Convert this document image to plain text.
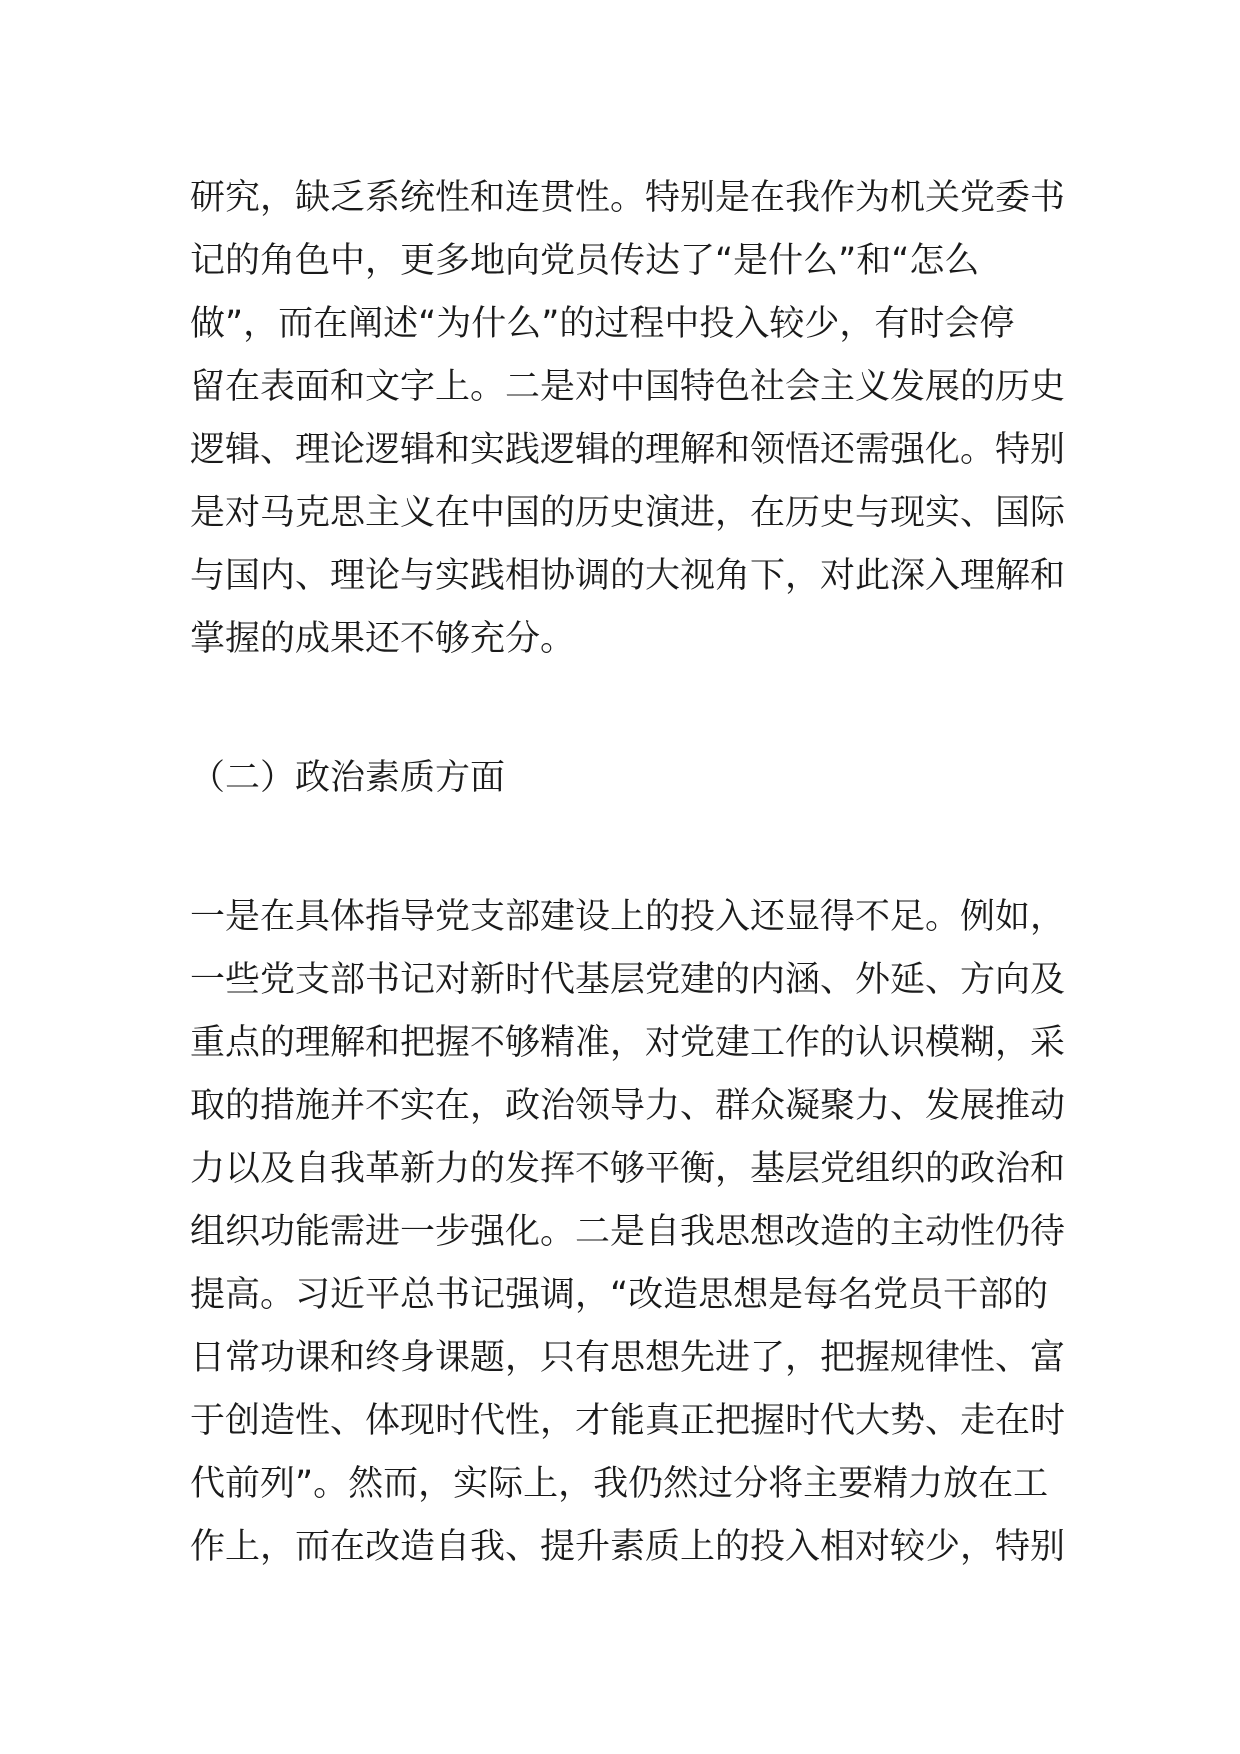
研究，缺乏系统性和连贯性。特别是在我作为机关党委书
记的角色中，更多地向党员传达了“是什么”和“怎么
做”，而在阐述“为什么”的过程中投入较少，有时会停
留在表面和文字上。二是对中国特色社会主义发展的历史
逻辑、理论逻辑和实践逻辑的理解和领悟还需强化。特别
是对马克思主义在中国的历史演进，在历史与现实、国际
与国内、理论与实践相协调的大视角下，对此深入理解和
掌握的成果还不够充分。
（二）政治素质方面
一是在具体指导党支部建设上的投入还显得不足。例如，
一些党支部书记对新时代基层党建的内涵、外延、方向及
重点的理解和把握不够精准，对党建工作的认识模糊，采
取的措施并不实在，政治领导力、群众凝聚力、发展推动
力以及自我革新力的发挥不够平衡，基层党组织的政治和
组织功能需进一步强化。二是自我思想改造的主动性仍待
提高。习近平总书记强调，“改造思想是每名党员干部的
日常功课和终身课题，只有思想先进了，把握规律性、富
于创造性、体现时代性，才能真正把握时代大势、走在时
代前列”。然而，实际上，我仍然过分将主要精力放在工
作上，而在改造自我、提升素质上的投入相对较少，特别
